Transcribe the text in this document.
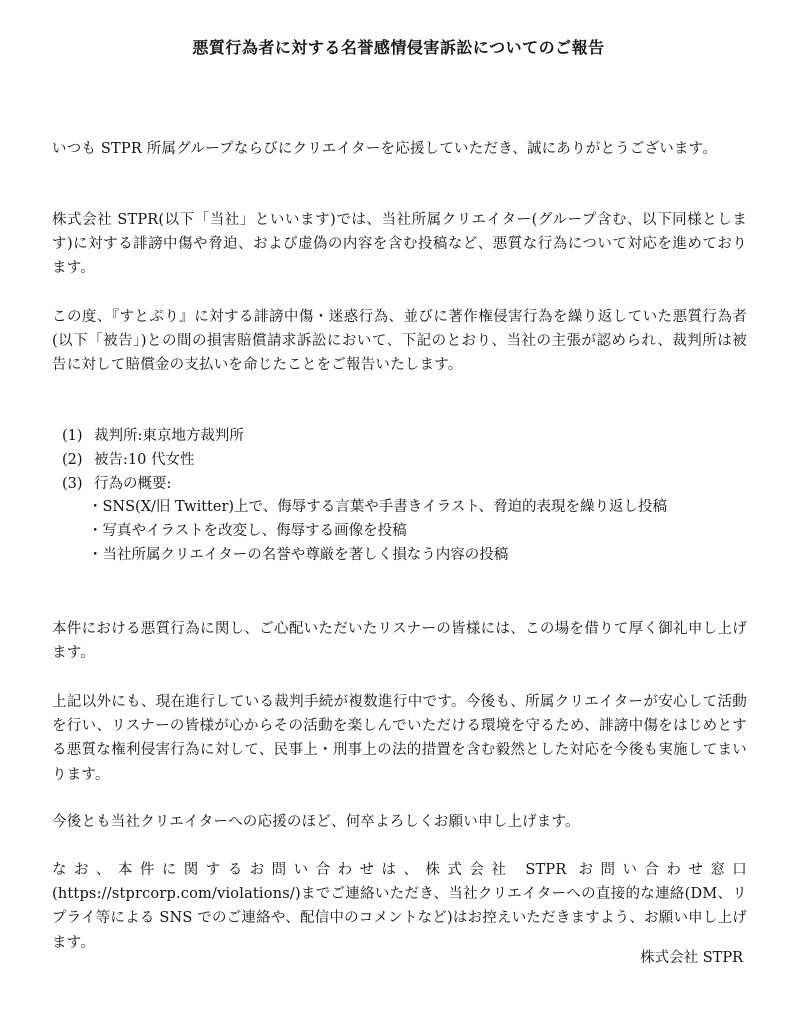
悪質行為者に対する名誉感情侵害訴訟についてのご報告

いつも STPR 所属グループならびにクリエイターを応援していただき、誠にありがとうございます。

株式会社 STPR(以下「当社」といいます)では、当社所属クリエイター(グループ含む、以下同様とします)に対する誹謗中傷や脅迫、および虚偽の内容を含む投稿など、悪質な行為について対応を進めております。

この度、『すとぷり』に対する誹謗中傷・迷惑行為、並びに著作権侵害行為を繰り返していた悪質行為者(以下「被告」)との間の損害賠償請求訴訟において、下記のとおり、当社の主張が認められ、裁判所は被告に対して賠償金の支払いを命じたことをご報告いたします。

(1) 裁判所:東京地方裁判所
(2) 被告:10 代女性
(3) 行為の概要:
・ SNS(X/旧 Twitter)上で、侮辱する言葉や手書きイラスト、脅迫的表現を繰り返し投稿
・ 写真やイラストを改変し、侮辱する画像を投稿
・ 当社所属クリエイターの名誉や尊厳を著しく損なう内容の投稿

本件における悪質行為に関し、ご心配いただいたリスナーの皆様には、この場を借りて厚く御礼申し上げます。

上記以外にも、現在進行している裁判手続が複数進行中です。今後も、所属クリエイターが安心して活動を行い、リスナーの皆様が心からその活動を楽しんでいただける環境を守るため、誹謗中傷をはじめとする悪質な権利侵害行為に対して、民事上・刑事上の法的措置を含む毅然とした対応を今後も実施してまいります。

今後とも当社クリエイターへの応援のほど、何卒よろしくお願い申し上げます。

なお、本件に関するお問い合わせは、株式会社 STPR お問い合わせ窓口(https://stprcorp.com/violations/)までご連絡いただき、当社クリエイターへの直接的な連絡(DM、リプライ等による SNS でのご連絡や、配信中のコメントなど)はお控えいただきますよう、お願い申し上げます。

株式会社 STPR
